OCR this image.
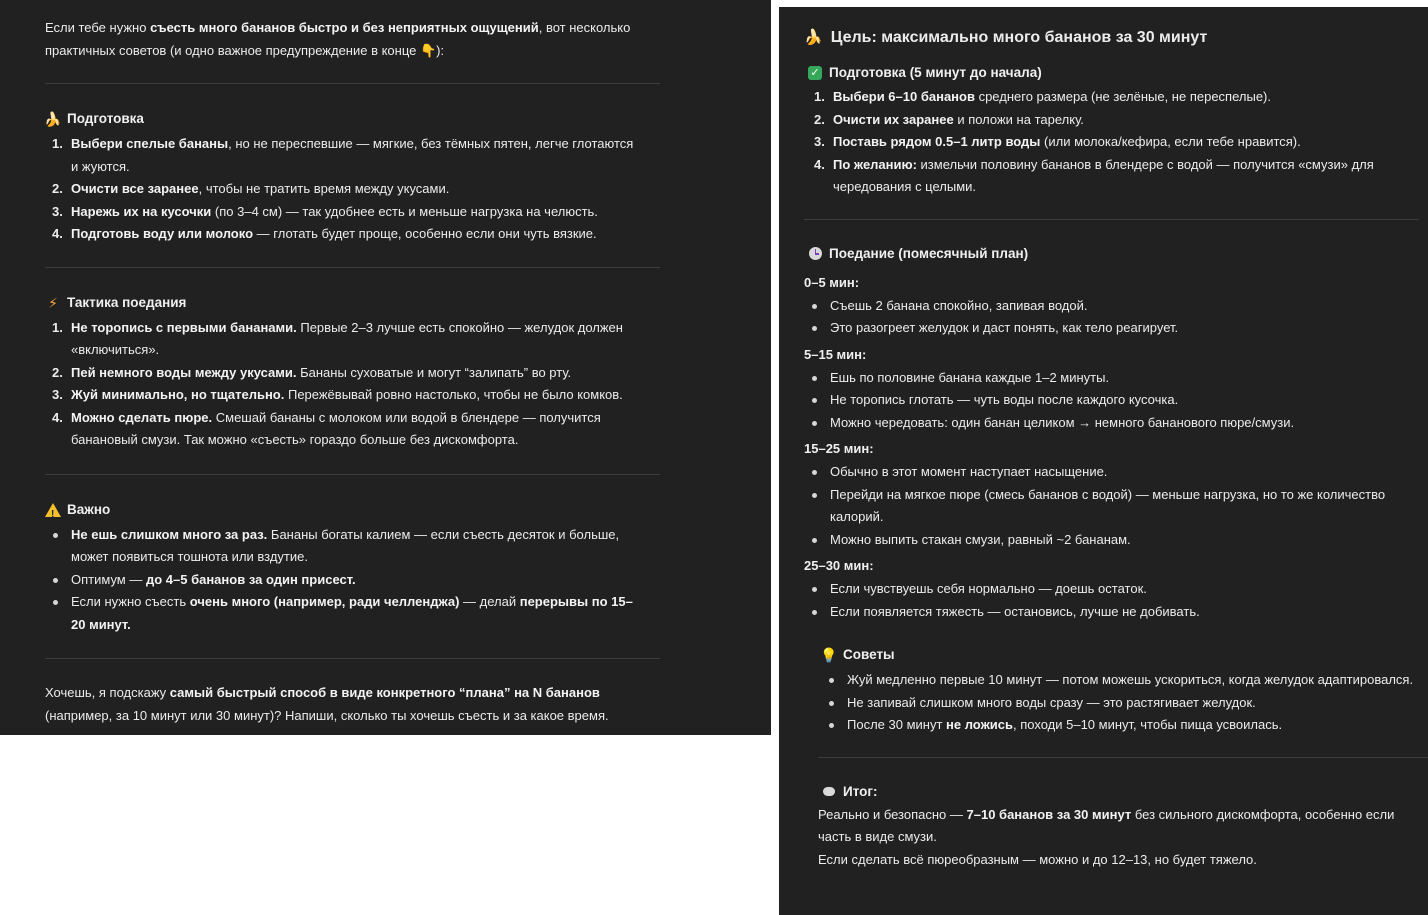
Если тебе нужно съесть много бананов быстро и без неприятных ощущений, вот несколько практичных советов (и одно важное предупреждение в конце 👇):

🍌 Подготовка
1. Выбери спелые бананы, но не переспевшие — мягкие, без тёмных пятен, легче глотаются и жуются.
2. Очисти все заранее, чтобы не тратить время между укусами.
3. Нарежь их на кусочки (по 3–4 см) — так удобнее есть и меньше нагрузка на челюсть.
4. Подготовь воду или молоко — глотать будет проще, особенно если они чуть вязкие.
⚡ Тактика поедания
1. Не торопись с первыми бананами. Первые 2–3 лучше есть спокойно — желудок должен «включиться».
2. Пей немного воды между укусами. Бананы суховатые и могут “залипать” во рту.
3. Жуй минимально, но тщательно. Пережёвывай ровно настолько, чтобы не было комков.
4. Можно сделать пюре. Смешай бананы с молоком или водой в блендере — получится банановый смузи. Так можно «съесть» гораздо больше без дискомфорта.
! Важно
Не ешь слишком много за раз. Бананы богаты калием — если съесть десяток и больше, может появиться тошнота или вздутие.
Оптимум — до 4–5 бананов за один присест.
Если нужно съесть очень много (например, ради челленджа) — делай перерывы по 15–20 минут.

Хочешь, я подскажу самый быстрый способ в виде конкретного “плана” на N бананов (например, за 10 минут или 30 минут)? Напиши, сколько ты хочешь съесть и за какое время.

🍌 Цель: максимально много бананов за 30 минут
✓ Подготовка (5 минут до начала)
1. Выбери 6–10 бананов среднего размера (не зелёные, не переспелые).
2. Очисти их заранее и положи на тарелку.
3. Поставь рядом 0.5–1 литр воды (или молока/кефира, если тебе нравится).
4. По желанию: измельчи половину бананов в блендере с водой — получится «смузи» для чередования с целыми.
Поедание (помесячный план)
0–5 мин:
Съешь 2 банана спокойно, запивая водой.
Это разогреет желудок и даст понять, как тело реагирует.
5–15 мин:
Ешь по половине банана каждые 1–2 минуты.
Не торопись глотать — чуть воды после каждого кусочка.
Можно чередовать: один банан целиком → немного бананового пюре/смузи.
15–25 мин:
Обычно в этот момент наступает насыщение.
Перейди на мягкое пюре (смесь бананов с водой) — меньше нагрузка, но то же количество калорий.
Можно выпить стакан смузи, равный ~2 бананам.
25–30 мин:
Если чувствуешь себя нормально — доешь остаток.
Если появляется тяжесть — остановись, лучше не добивать.
💡 Советы
Жуй медленно первые 10 минут — потом можешь ускориться, когда желудок адаптировался.
Не запивай слишком много воды сразу — это растягивает желудок.
После 30 минут не ложись, походи 5–10 минут, чтобы пища усвоилась.
Итог:

Реально и безопасно — 7–10 бананов за 30 минут без сильного дискомфорта, особенно если часть в виде смузи.

Если сделать всё пюреобразным — можно и до 12–13, но будет тяжело.
